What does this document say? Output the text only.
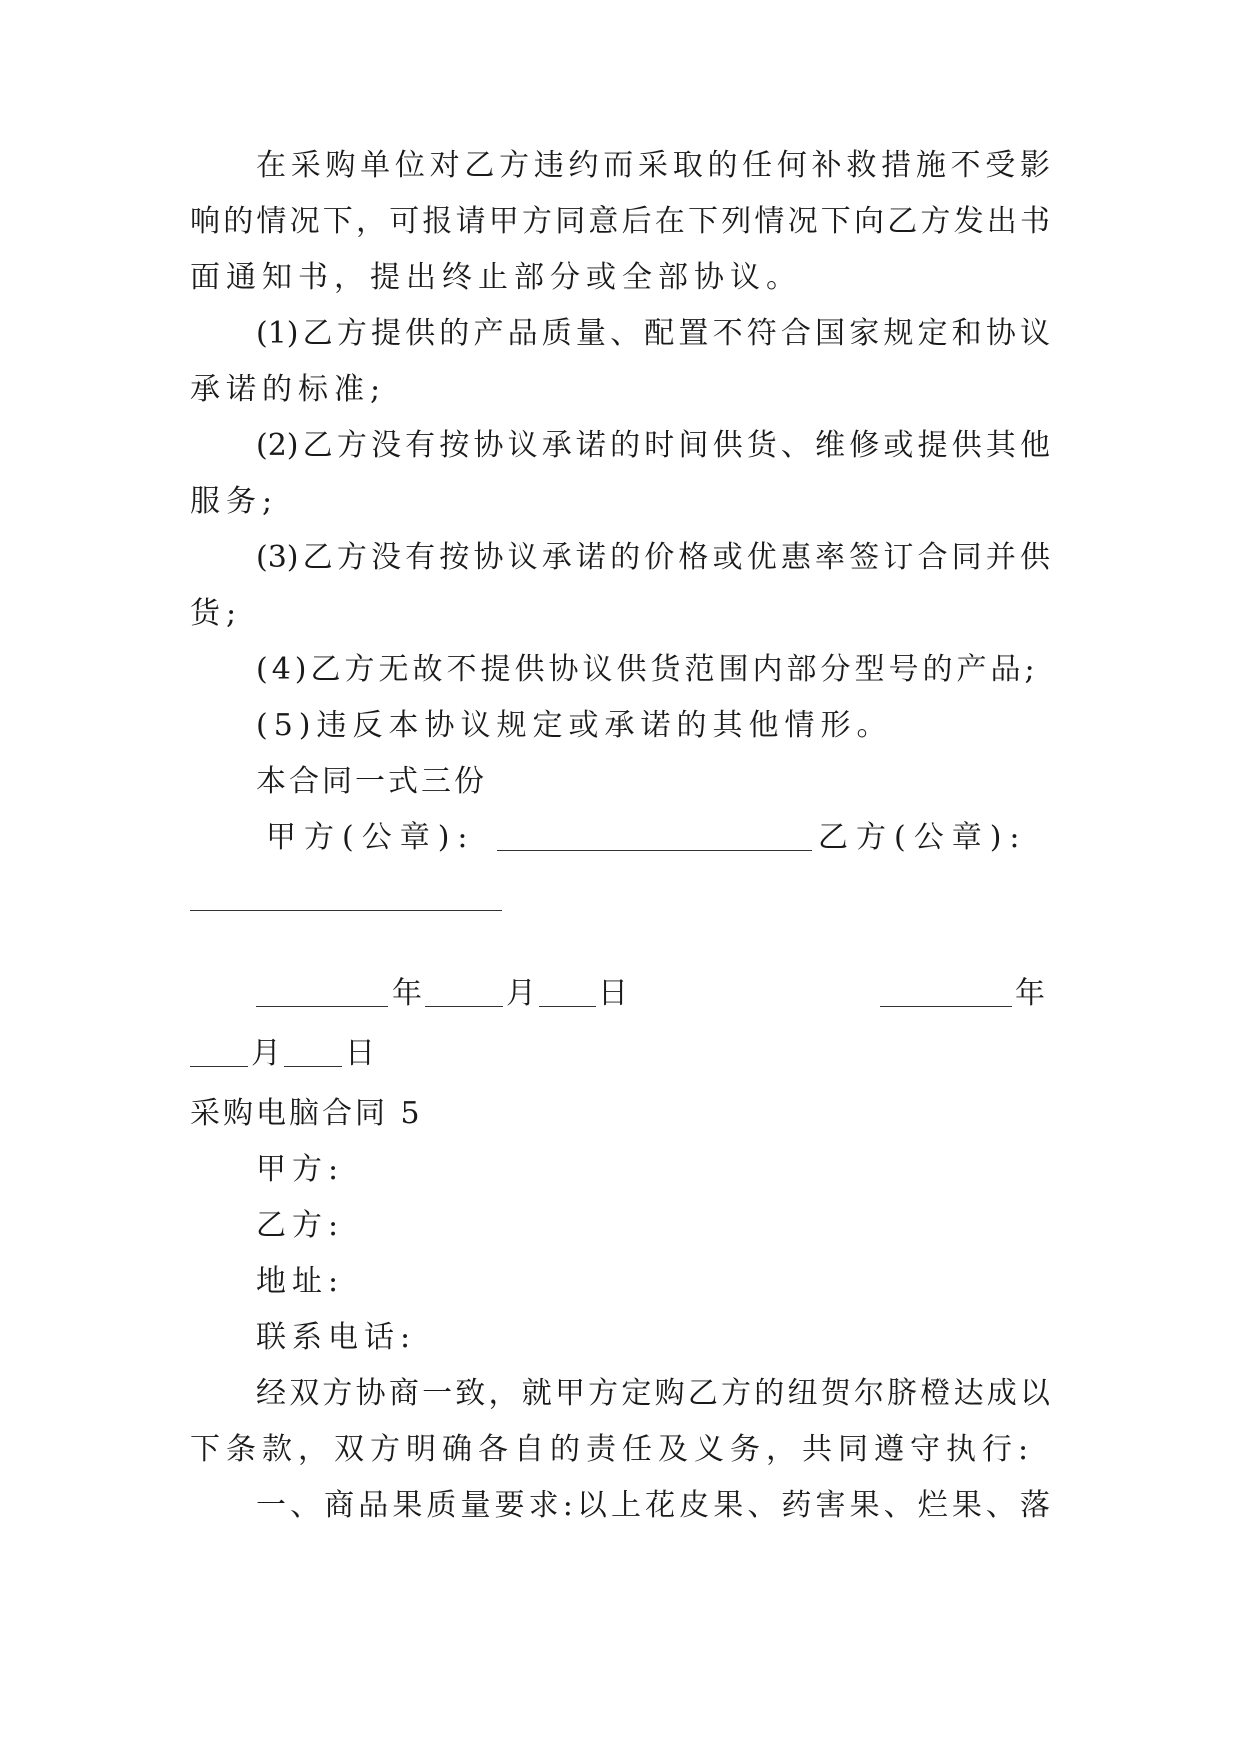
在采购单位对乙方违约而采取的任何补救措施不受影
响的情况下，可报请甲方同意后在下列情况下向乙方发出书
面通知书，提出终止部分或全部协议。
(1)乙方提供的产品质量、配置不符合国家规定和协议
承诺的标准;
(2)乙方没有按协议承诺的时间供货、维修或提供其他
服务;
(3)乙方没有按协议承诺的价格或优惠率签订合同并供
货;
(4)乙方无故不提供协议供货范围内部分型号的产品;
(5)违反本协议规定或承诺的其他情形。
本合同一式三份
甲方(公章):	乙方(公章):
年	月 日	年
月 日
采购电脑合同 5
甲方:
乙方:
地址:
联系电话:
经双方协商一致，就甲方定购乙方的纽贺尔脐橙达成以
下条款，双方明确各自的责任及义务，共同遵守执行:
一、商品果质量要求:以上花皮果、药害果、烂果、落
